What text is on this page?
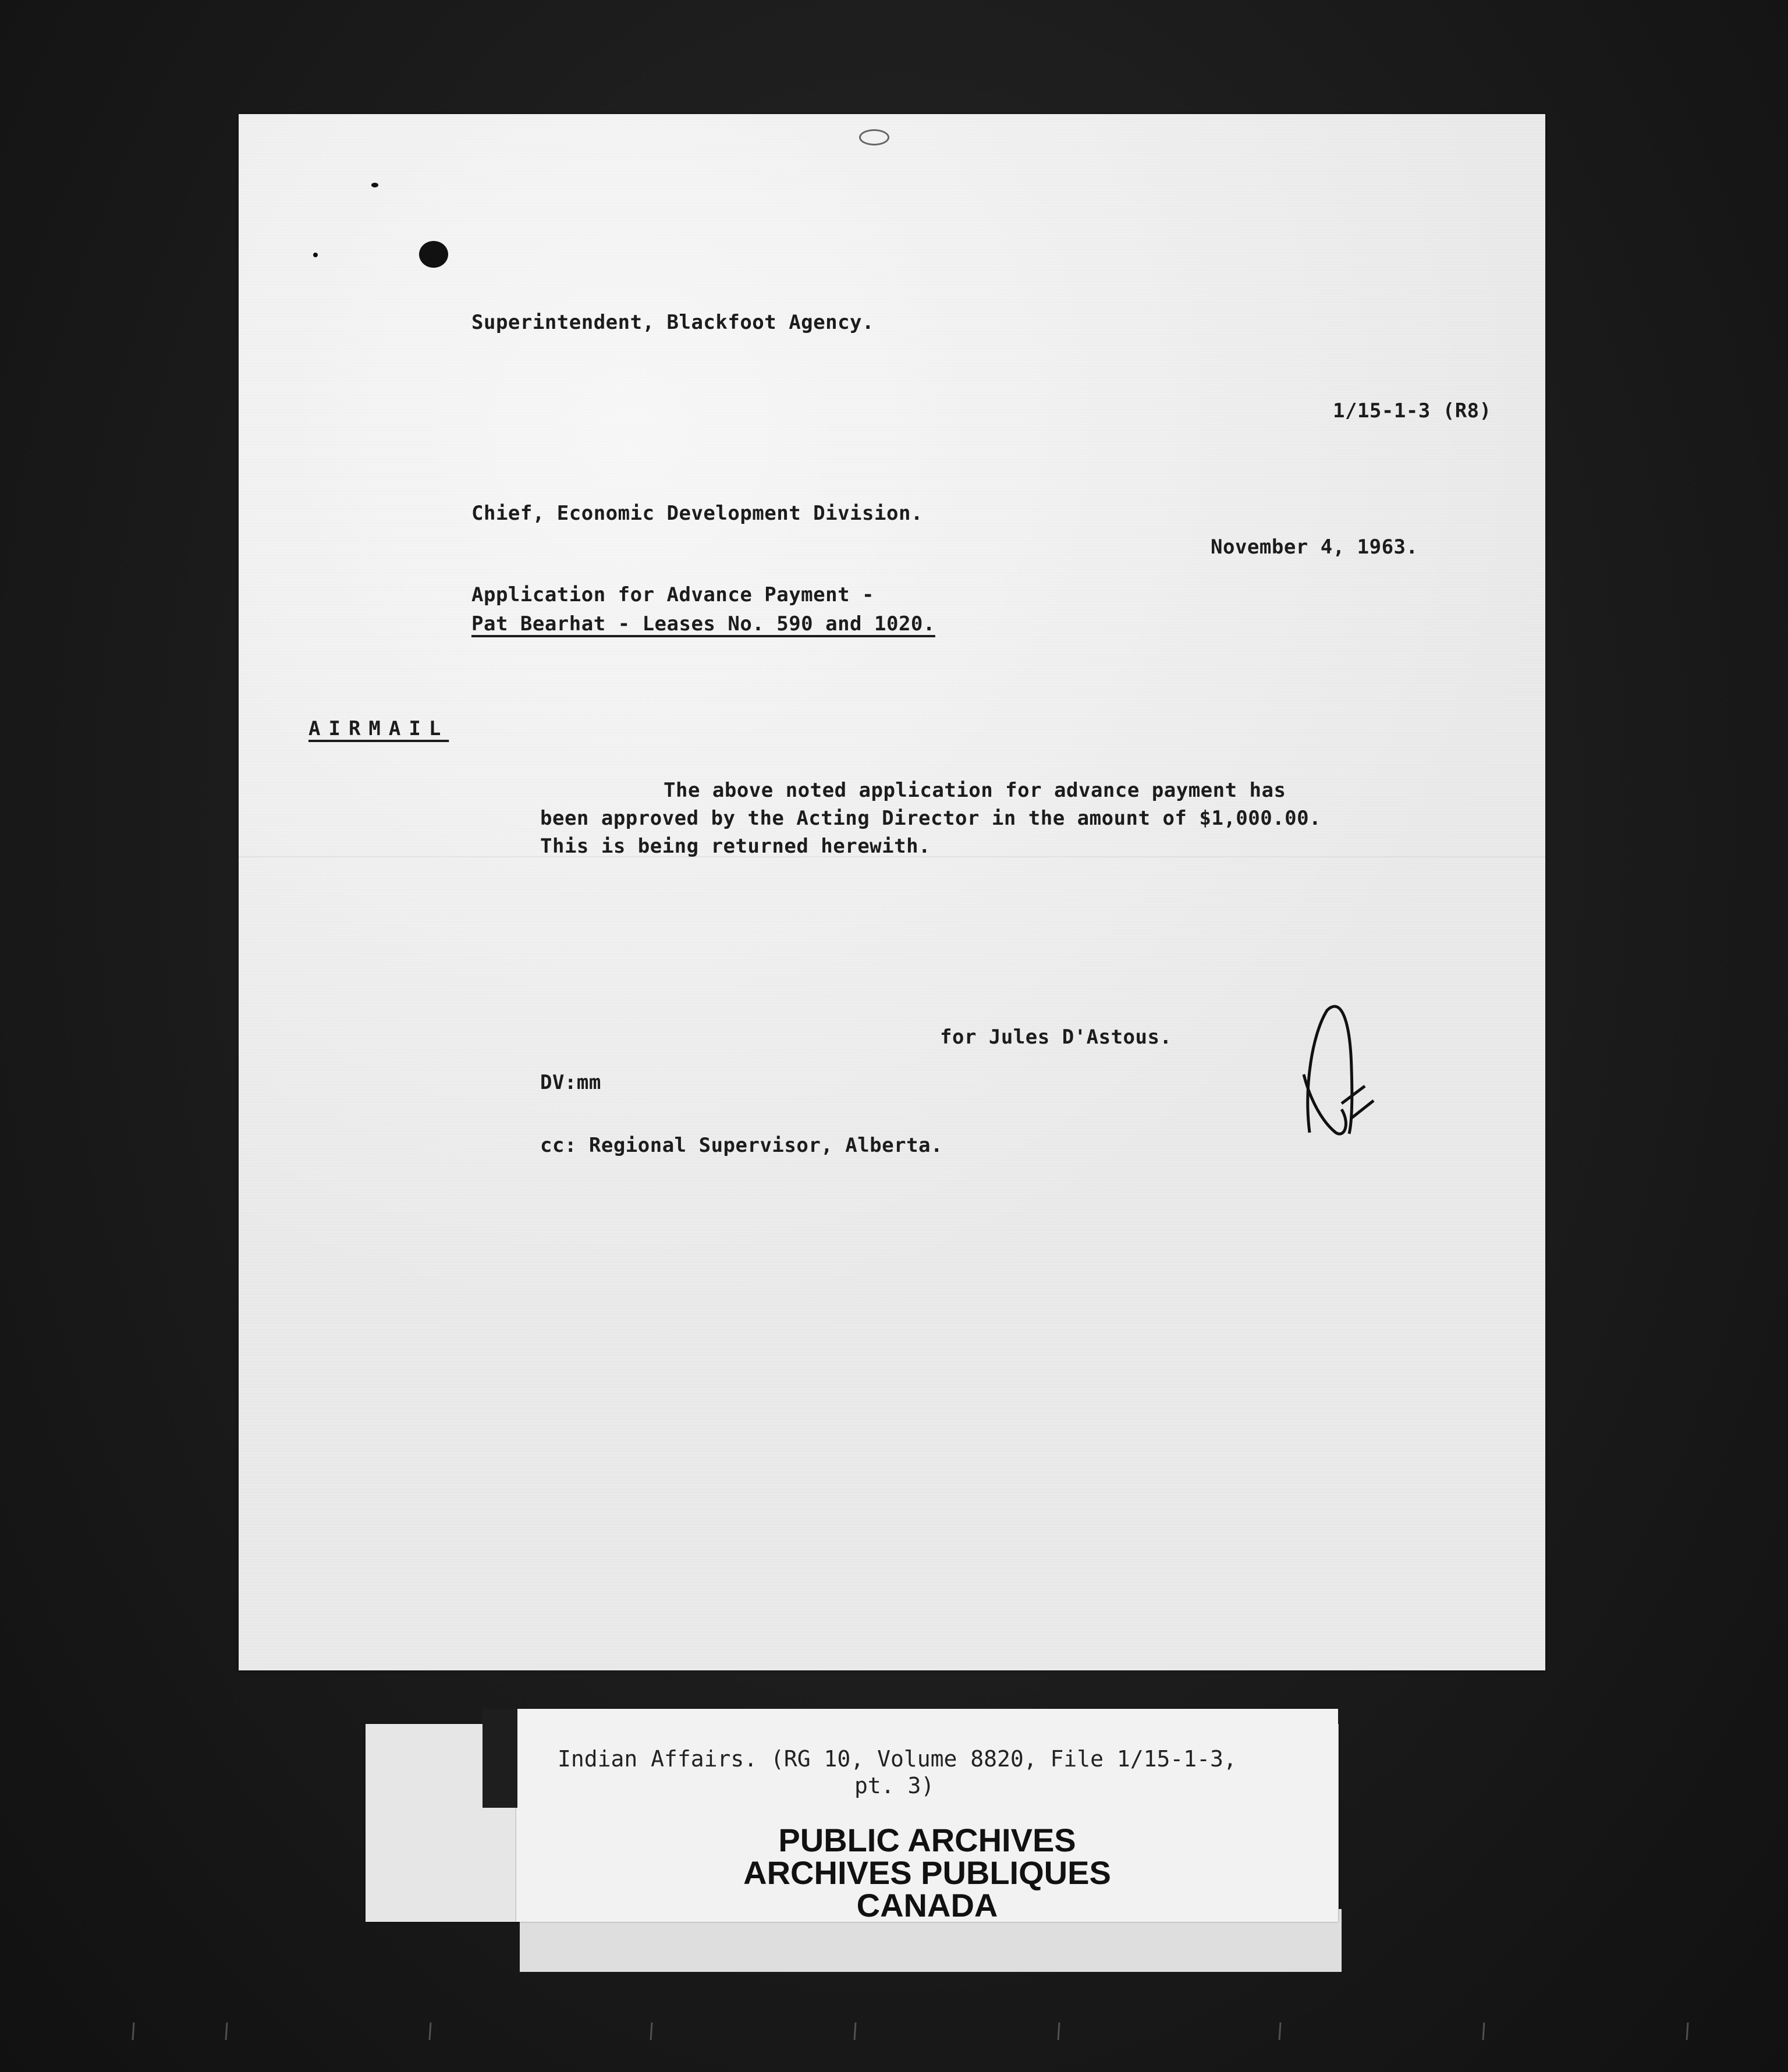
Superintendent, Blackfoot Agency.

1/15-1-3 (R8)

Chief, Economic Development Division.

November 4, 1963.

Application for Advance Payment -

Pat Bearhat - Leases No. 590 and 1020.

AIRMAIL

The above noted application for advance payment has

been approved by the Acting Director in the amount of $1,000.00.

This is being returned herewith.

for Jules D'Astous.

DV:mm

cc: Regional Supervisor, Alberta.

Indian Affairs. (RG 10, Volume 8820, File 1/15-1-3,

pt. 3)

PUBLIC ARCHIVES

ARCHIVES PUBLIQUES

CANADA
